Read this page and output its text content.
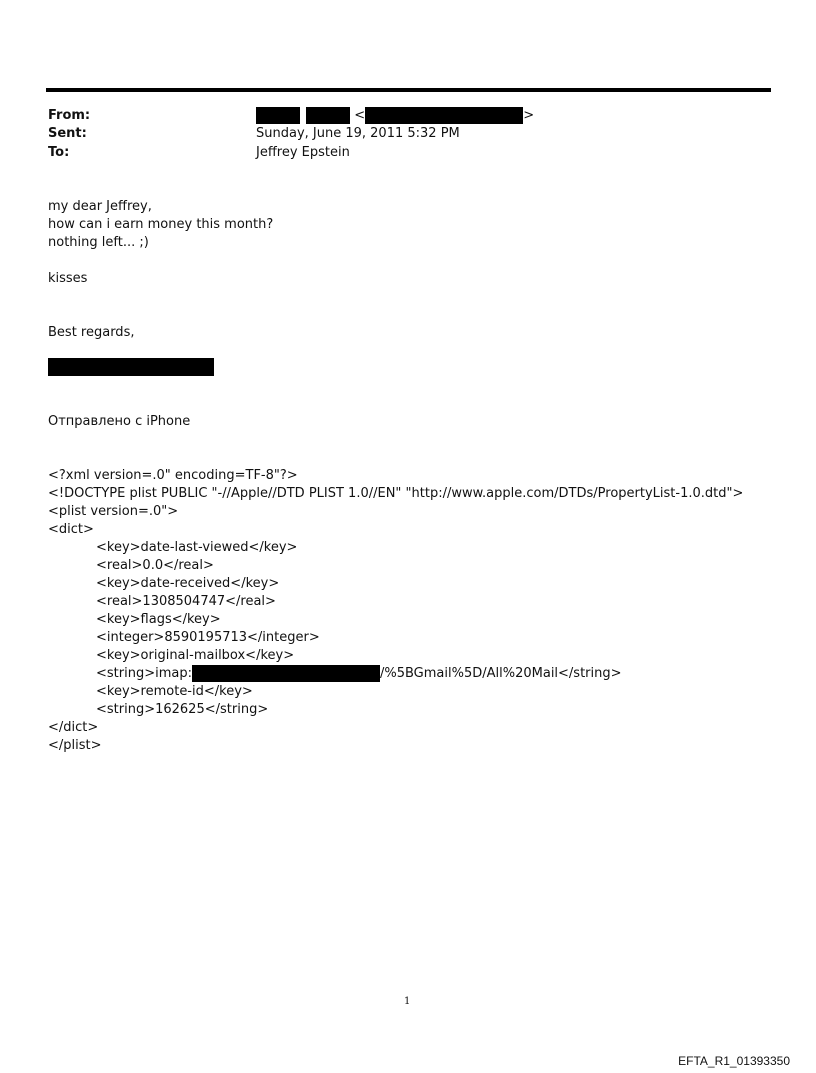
From:	<	>
Sent:	Sunday, June 19, 2011 5:32 PM
To:	Jeffrey Epstein
my dear Jeffrey,
how can i earn money this month?
nothing left... ;)
kisses
Best regards,
Отправлено с iPhone
<?xml version=.0" encoding=TF-8"?>
<!DOCTYPE plist PUBLIC "-//Apple//DTD PLIST 1.0//EN" "http://www.apple.com/DTDs/PropertyList-1.0.dtd">
<plist version=.0">
<dict>
<key>date-last-viewed</key>
<real>0.0</real>
<key>date-received</key>
<real>1308504747</real>
<key>flags</key>
<integer>8590195713</integer>
<key>original-mailbox</key>
<string>imap:	/%5BGmail%5D/All%20Mail</string>
<key>remote-id</key>
<string>162625</string>
</dict>
</plist>
1
EFTA_R1_01393350
